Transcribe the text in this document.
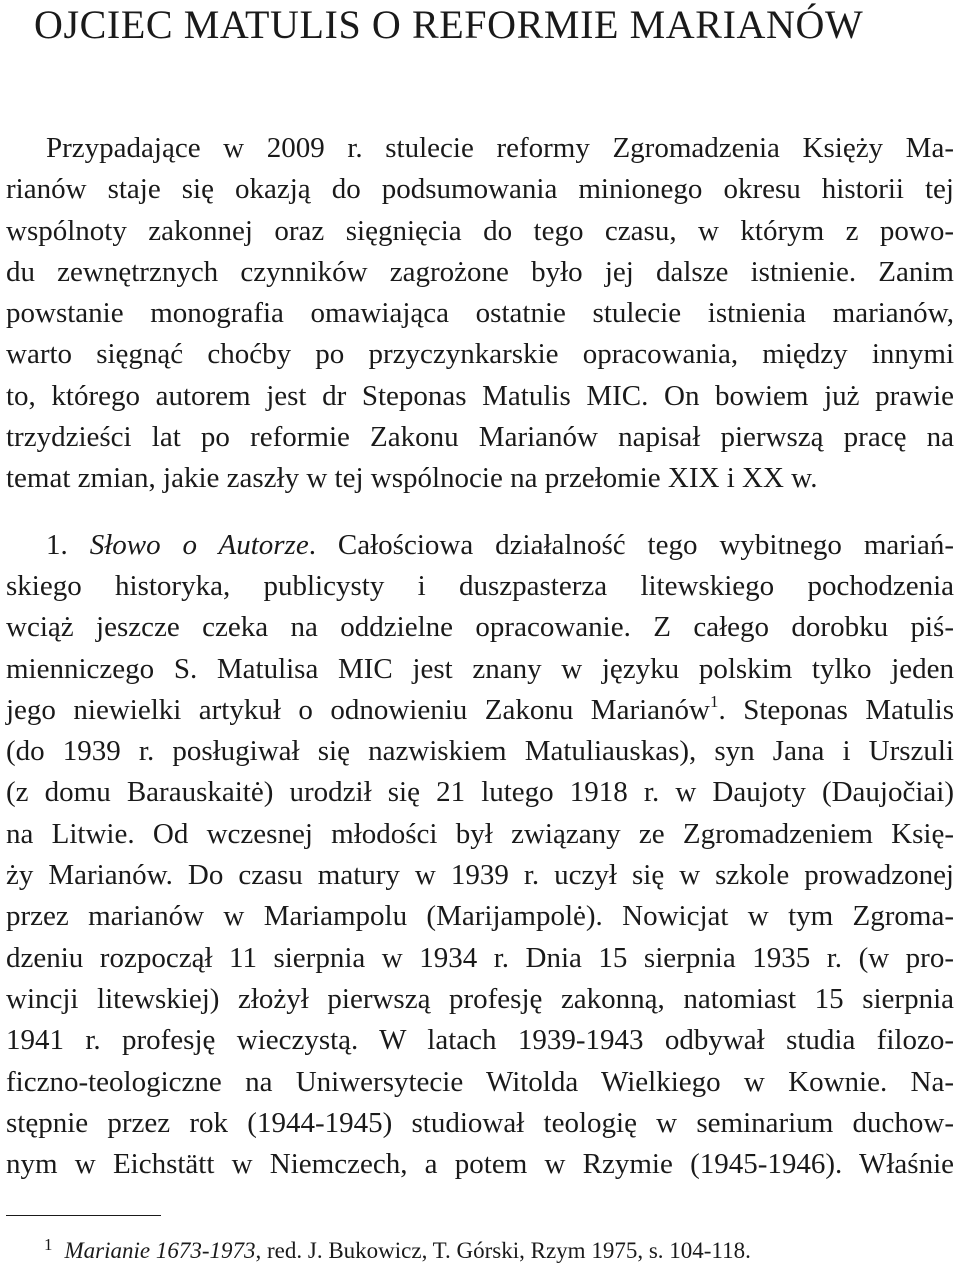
OJCIEC MATULIS O REFORMIE MARIANÓW
Przypadające w 2009 r. stulecie reformy Zgromadzenia Księży Ma-
rianów staje się okazją do podsumowania minionego okresu historii tej
wspólnoty zakonnej oraz sięgnięcia do tego czasu, w którym z powo-
du zewnętrznych czynników zagrożone było jej dalsze istnienie. Zanim
powstanie monografia omawiająca ostatnie stulecie istnienia marianów,
warto sięgnąć choćby po przyczynkarskie opracowania, między innymi
to, którego autorem jest dr Steponas Matulis MIC. On bowiem już prawie
trzydzieści lat po reformie Zakonu Marianów napisał pierwszą pracę na
temat zmian, jakie zaszły w tej wspólnocie na przełomie XIX i XX w.
1. Słowo o Autorze. Całościowa działalność tego wybitnego mariań-
skiego historyka, publicysty i duszpasterza litewskiego pochodzenia
wciąż jeszcze czeka na oddzielne opracowanie. Z całego dorobku piś-
mienniczego S. Matulisa MIC jest znany w języku polskim tylko jeden
jego niewielki artykuł o odnowieniu Zakonu Marianów$^1$. Steponas Matulis
(do 1939 r. posługiwał się nazwiskiem Matuliauskas), syn Jana i Urszuli
(z domu Barauskaitė) urodził się 21 lutego 1918 r. w Daujoty (Daujočiai)
na Litwie. Od wczesnej młodości był związany ze Zgromadzeniem Księ-
ży Marianów. Do czasu matury w 1939 r. uczył się w szkole prowadzonej
przez marianów w Mariampolu (Marijampolė). Nowicjat w tym Zgroma-
dzeniu rozpoczął 11 sierpnia w 1934 r. Dnia 15 sierpnia 1935 r. (w pro-
wincji litewskiej) złożył pierwszą profesję zakonną, natomiast 15 sierpnia
1941 r. profesję wieczystą. W latach 1939-1943 odbywał studia filozo-
ficzno-teologiczne na Uniwersytecie Witolda Wielkiego w Kownie. Na-
stępnie przez rok (1944-1945) studiował teologię w seminarium duchow-
nym w Eichstätt w Niemczech, a potem w Rzymie (1945-1946). Właśnie
$^1$ Marianie 1673-1973, red. J. Bukowicz, T. Górski, Rzym 1975, s. 104-118.
